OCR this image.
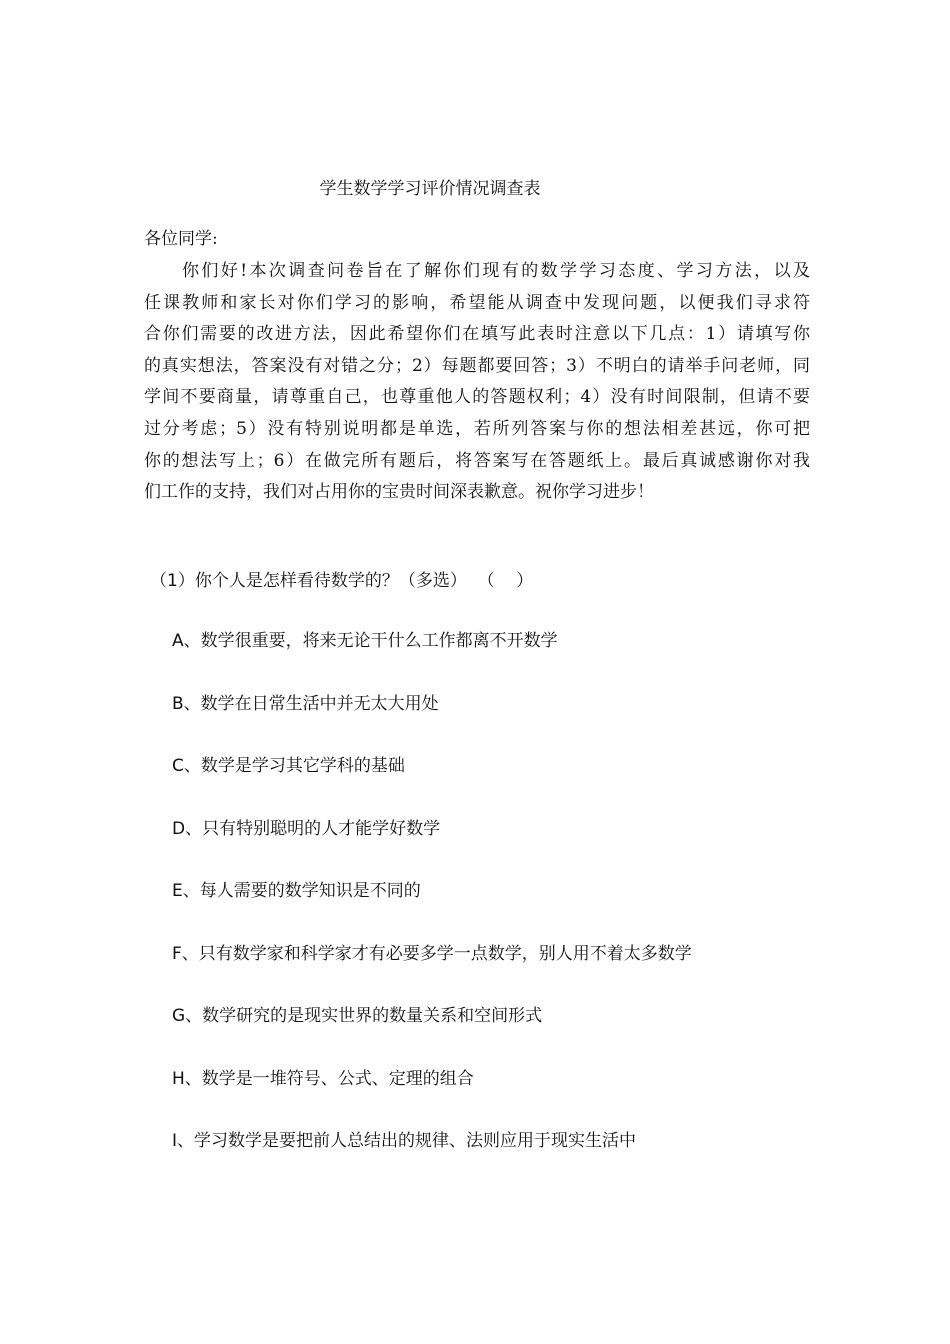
学生数学学习评价情况调查表
各位同学:
你们好!本次调查问卷旨在了解你们现有的数学学习态度、学习方法，以及
任课教师和家长对你们学习的影响，希望能从调查中发现问题，以便我们寻求符
合你们需要的改进方法，因此希望你们在填写此表时注意以下几点：1）请填写你
的真实想法，答案没有对错之分；2）每题都要回答；3）不明白的请举手问老师，同
学间不要商量，请尊重自己，也尊重他人的答题权利；4）没有时间限制，但请不要
过分考虑；5）没有特别说明都是单选，若所列答案与你的想法相差甚远，你可把
你的想法写上；6）在做完所有题后，将答案写在答题纸上。最后真诚感谢你对我
们工作的支持，我们对占用你的宝贵时间深表歉意。祝你学习进步！
（1）你个人是怎样看待数学的？（多选）  （    ）
A、数学很重要，将来无论干什么工作都离不开数学
B、数学在日常生活中并无太大用处
C、数学是学习其它学科的基础
D、只有特别聪明的人才能学好数学
E、每人需要的数学知识是不同的
F、只有数学家和科学家才有必要多学一点数学，别人用不着太多数学
G、数学研究的是现实世界的数量关系和空间形式
H、数学是一堆符号、公式、定理的组合
I、学习数学是要把前人总结出的规律、法则应用于现实生活中
